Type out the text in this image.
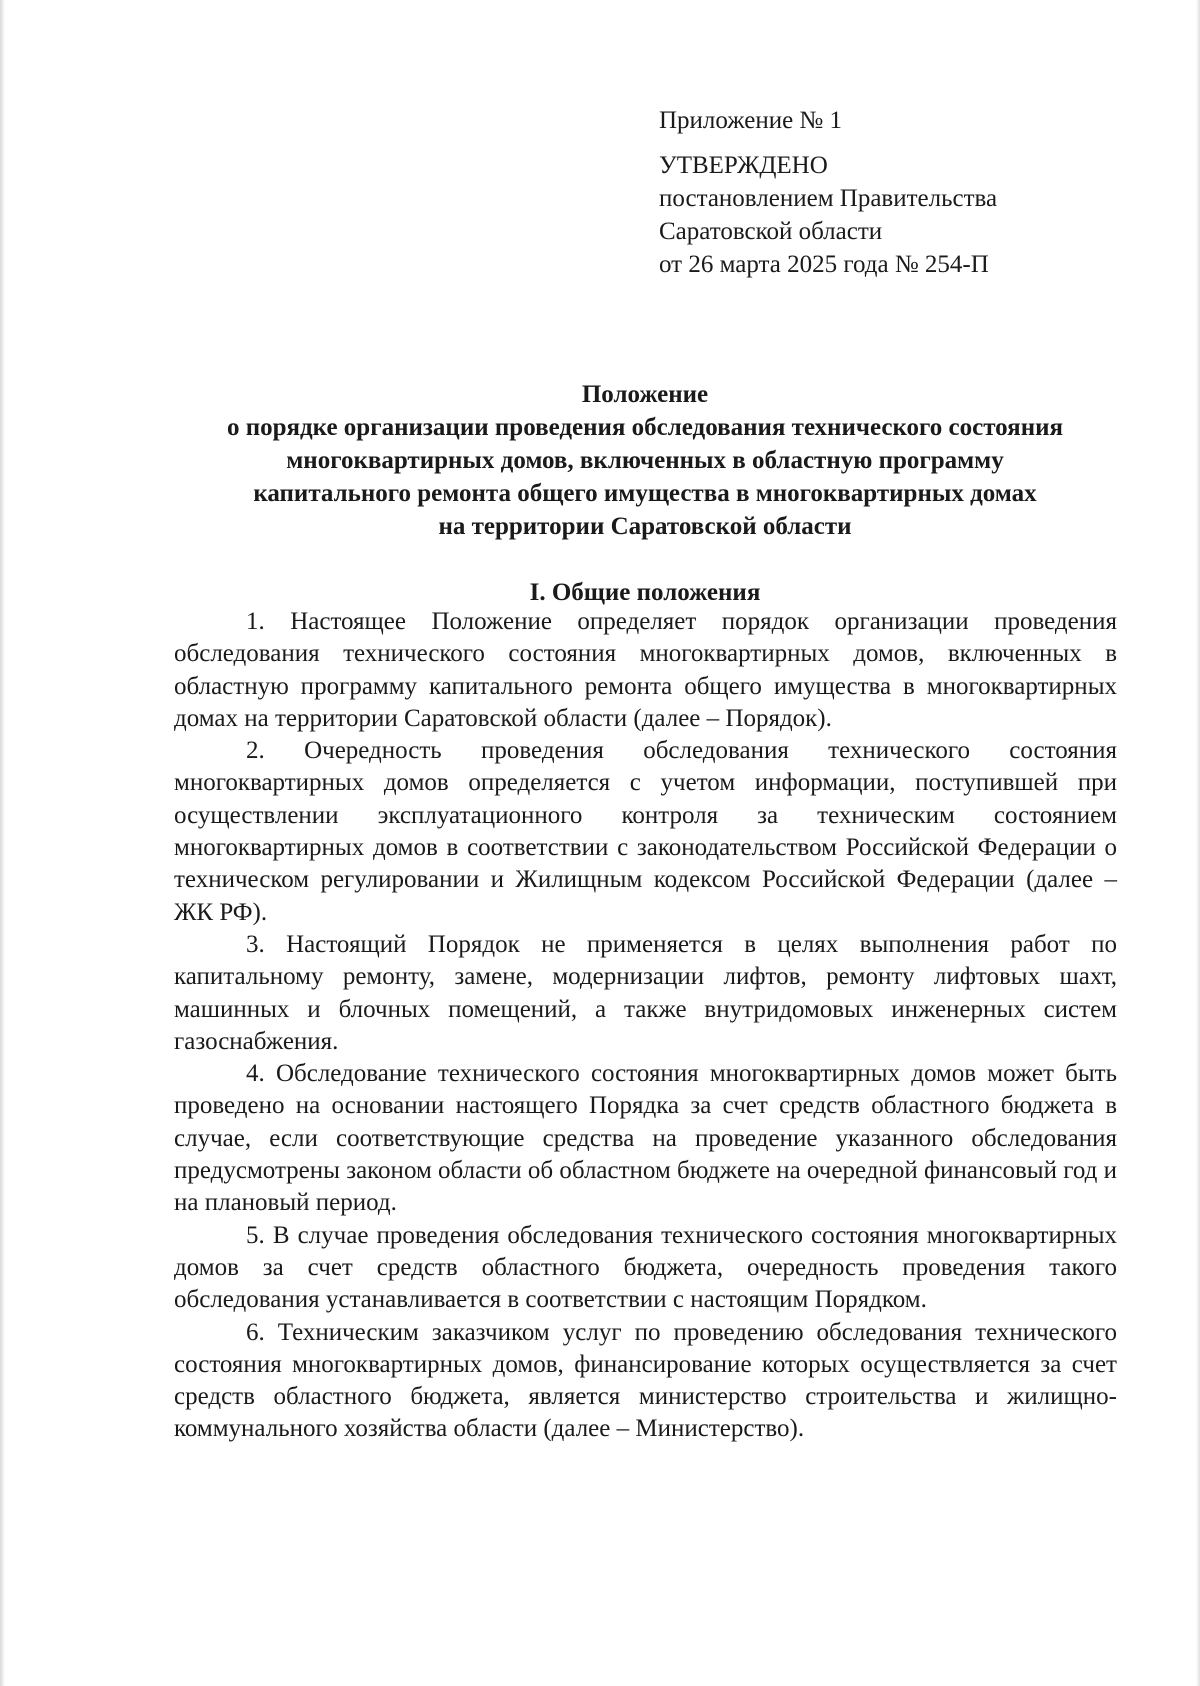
Приложение № 1
УТВЕРЖДЕНО
постановлением Правительства
Саратовской области
от 26 марта 2025 года № 254-П
Положение
о порядке организации проведения обследования технического состояния
многоквартирных домов, включенных в областную программу
капитального ремонта общего имущества в многоквартирных домах
на территории Саратовской области
I. Общие положения

1. Настоящее Положение определяет порядок организации проведения обследования технического состояния многоквартирных домов, включенных в областную программу капитального ремонта общего имущества в многоквартирных домах на территории Саратовской области (далее – Порядок).

2. Очередность проведения обследования технического состояния многоквартирных домов определяется с учетом информации, поступившей при осуществлении эксплуатационного контроля за техническим состоянием многоквартирных домов в соответствии с законодательством Российской Федерации о техническом регулировании и Жилищным кодексом Российской Федерации (далее – ЖК РФ).

3. Настоящий Порядок не применяется в целях выполнения работ по капитальному ремонту, замене, модернизации лифтов, ремонту лифтовых шахт, машинных и блочных помещений, а также внутридомовых инженерных систем газоснабжения.

4. Обследование технического состояния многоквартирных домов может быть проведено на основании настоящего Порядка за счет средств областного бюджета в случае, если соответствующие средства на проведение указанного обследования предусмотрены законом области об областном бюджете на очередной финансовый год и на плановый период.

5. В случае проведения обследования технического состояния многоквартирных домов за счет средств областного бюджета, очередность проведения такого обследования устанавливается в соответствии с настоящим Порядком.

6. Техническим заказчиком услуг по проведению обследования технического состояния многоквартирных домов, финансирование которых осуществляется за счет средств областного бюджета, является министерство строительства и жилищно-коммунального хозяйства области (далее – Министерство).
